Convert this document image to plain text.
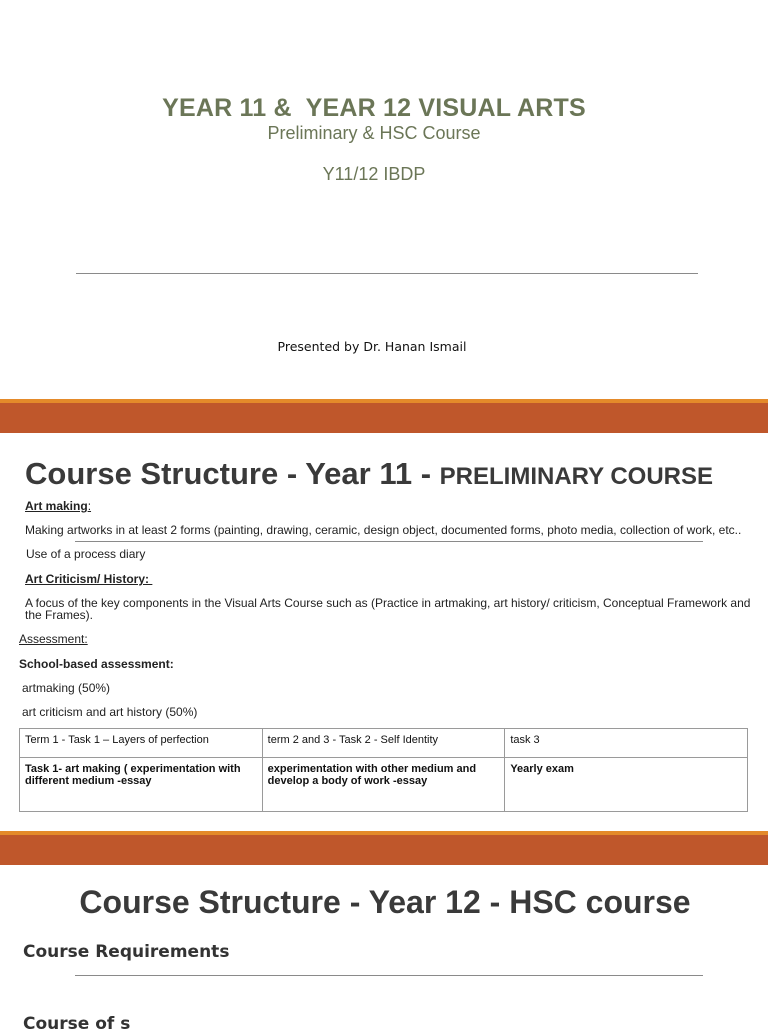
YEAR 11 &  YEAR 12 VISUAL ARTS
Preliminary & HSC Course
Y11/12 IBDP
Presented by Dr. Hanan Ismail
Course Structure - Year 11 - PRELIMINARY COURSE
Art making:
Making artworks in at least 2 forms (painting, drawing, ceramic, design object, documented forms, photo media, collection of work, etc..
Use of a process diary
Art Criticism/ History:
A focus of the key components in the Visual Arts Course such as (Practice in artmaking, art history/ criticism, Conceptual Framework and the Frames).
Assessment:
School-based assessment:
artmaking (50%)
art criticism and art history (50%)
Term 1 - Task 1 – Layers of perfection	term 2 and 3 - Task 2 - Self Identity	task 3
Task 1- art making ( experimentation with different medium -essay	experimentation with other medium and develop a body of work -essay	Yearly exam
Course Structure - Year 12 - HSC course
Course Requirements
Course of s
